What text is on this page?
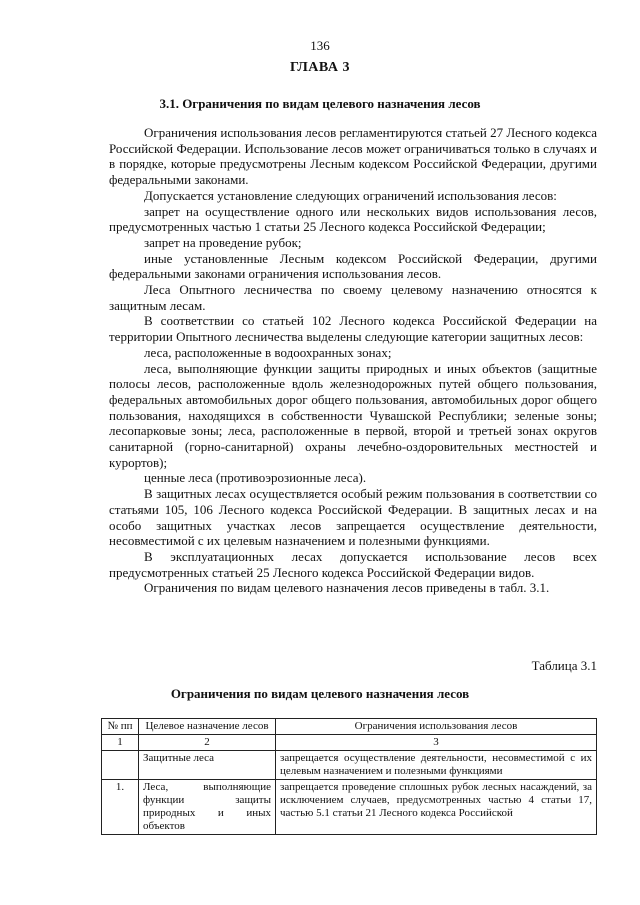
136
ГЛАВА 3
3.1. Ограничения по видам целевого назначения лесов

Ограничения использования лесов регламентируются статьей 27 Лесного кодекса Российской Федерации. Использование лесов может ограничиваться только в случаях и в порядке, которые предусмотрены Лесным кодексом Российской Федерации, другими федеральными законами.

Допускается установление следующих ограничений использования лесов:

запрет на осуществление одного или нескольких видов использования лесов, предусмотренных частью 1 статьи 25 Лесного кодекса Российской Федерации;

запрет на проведение рубок;

иные установленные Лесным кодексом Российской Федерации, другими федеральными законами ограничения использования лесов.

Леса Опытного лесничества по своему целевому назначению относятся к защитным лесам.

В соответствии со статьей 102 Лесного кодекса Российской Федерации на территории Опытного лесничества выделены следующие категории защитных лесов:

леса, расположенные в водоохранных зонах;

леса, выполняющие функции защиты природных и иных объектов (защитные полосы лесов, расположенные вдоль железнодорожных путей общего пользования, федеральных автомобильных дорог общего пользования, автомобильных дорог общего пользования, находящихся в собственности Чувашской Республики; зеленые зоны; лесопарковые зоны; леса, расположенные в первой, второй и третьей зонах округов санитарной (горно-санитарной) охраны лечебно-оздоровительных местностей и курортов);

ценные леса (противоэрозионные леса).

В защитных лесах осуществляется особый режим пользования в соответствии со статьями 105, 106 Лесного кодекса Российской Федерации. В защитных лесах и на особо защитных участках лесов запрещается осуществление деятельности, несовместимой с их целевым назначением и полезными функциями.

В эксплуатационных лесах допускается использование лесов всех предусмотренных статьей 25 Лесного кодекса Российской Федерации видов.

Ограничения по видам целевого назначения лесов приведены в табл. 3.1.

Таблица 3.1
Ограничения по видам целевого назначения лесов
№ пп	Целевое назначение лесов	Ограничения использования лесов
1	2	3
	Защитные леса	запрещается осуществление деятельности, несовместимой с их целевым назначением и полезными функциями
1.	Леса, выполняющие функции защиты природных и иных объектов	запрещается проведение сплошных рубок лесных насаждений, за исключением случаев, предусмотренных частью 4 статьи 17, частью 5.1 статьи 21 Лесного кодекса Российской
